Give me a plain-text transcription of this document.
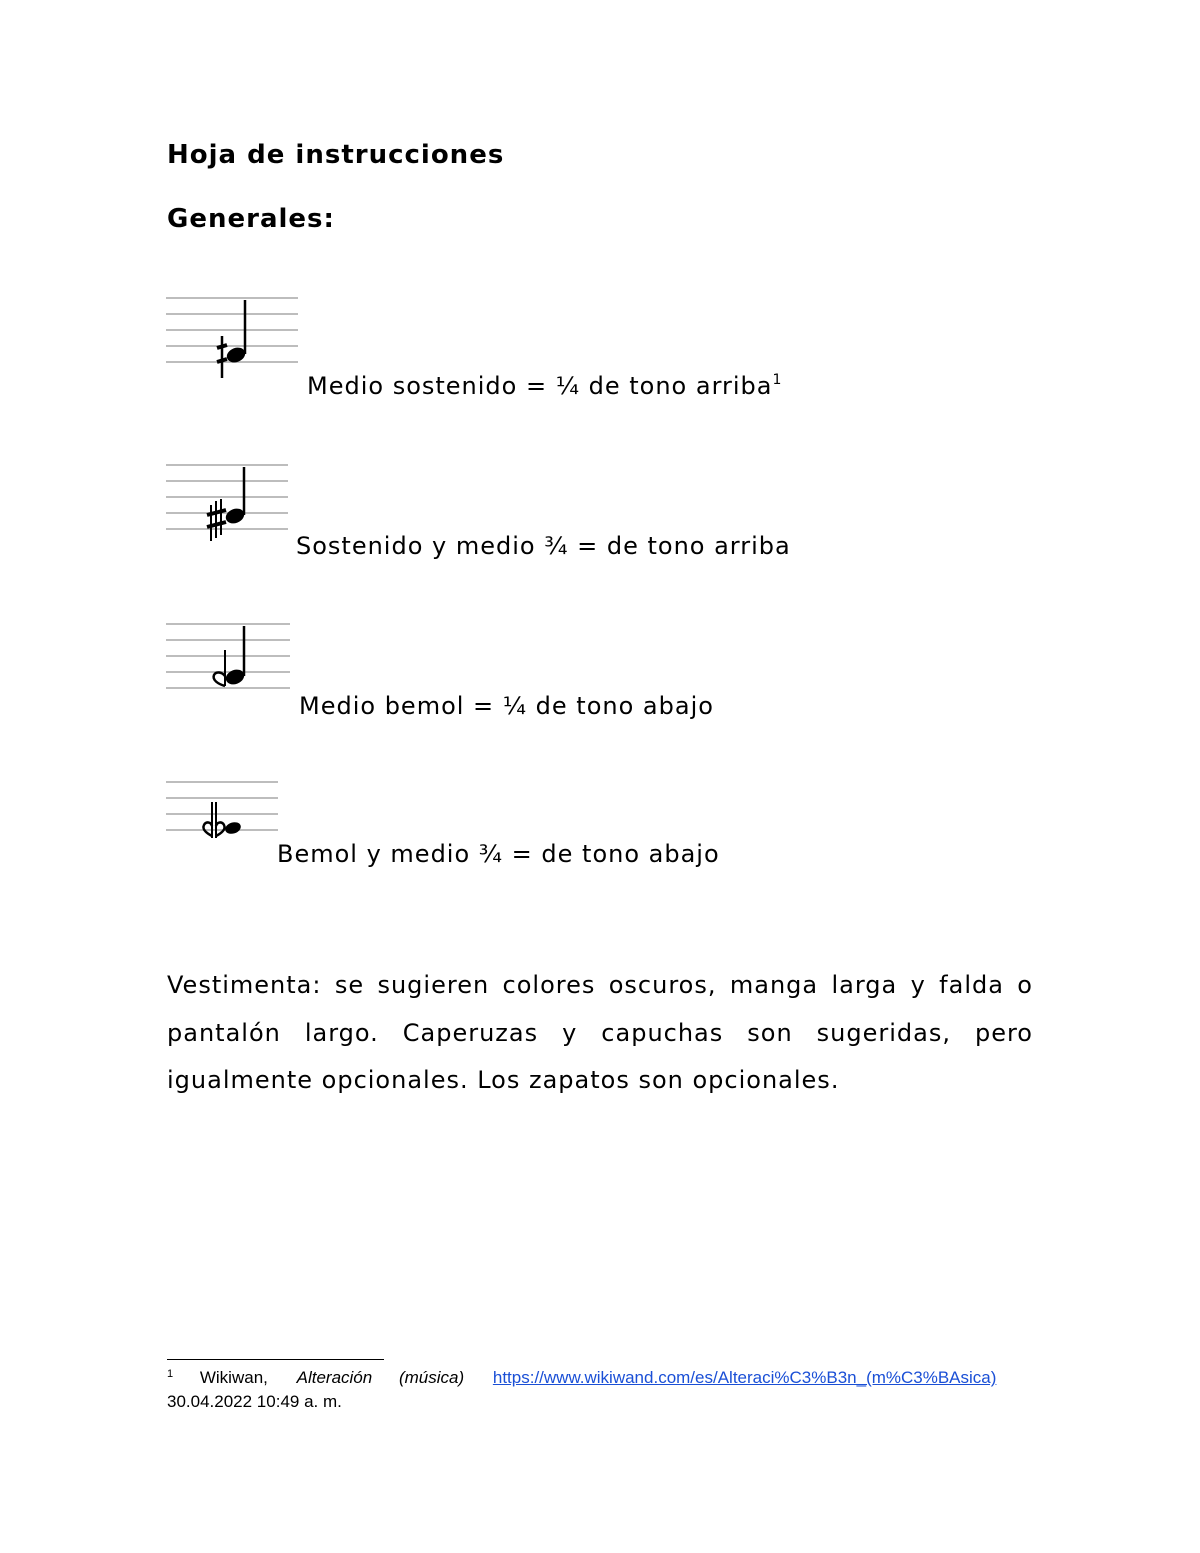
Hoja de instrucciones
Generales:
Medio sostenido = ¼ de tono arriba$^1$
Sostenido y medio ¾ = de tono arriba
Medio bemol = ¼ de tono abajo
Bemol y medio ¾ = de tono abajo
Vestimenta: se sugieren colores oscuros, manga larga y falda o pantalón largo. Caperuzas y capuchas son sugeridas, pero igualmente opcionales. Los zapatos son opcionales.
$^1$ Wikiwan, Alteración (música) https://www.wikiwand.com/es/Alteraci%C3%B3n_(m%C3%BAsica)
30.04.2022 10:49 a. m.
